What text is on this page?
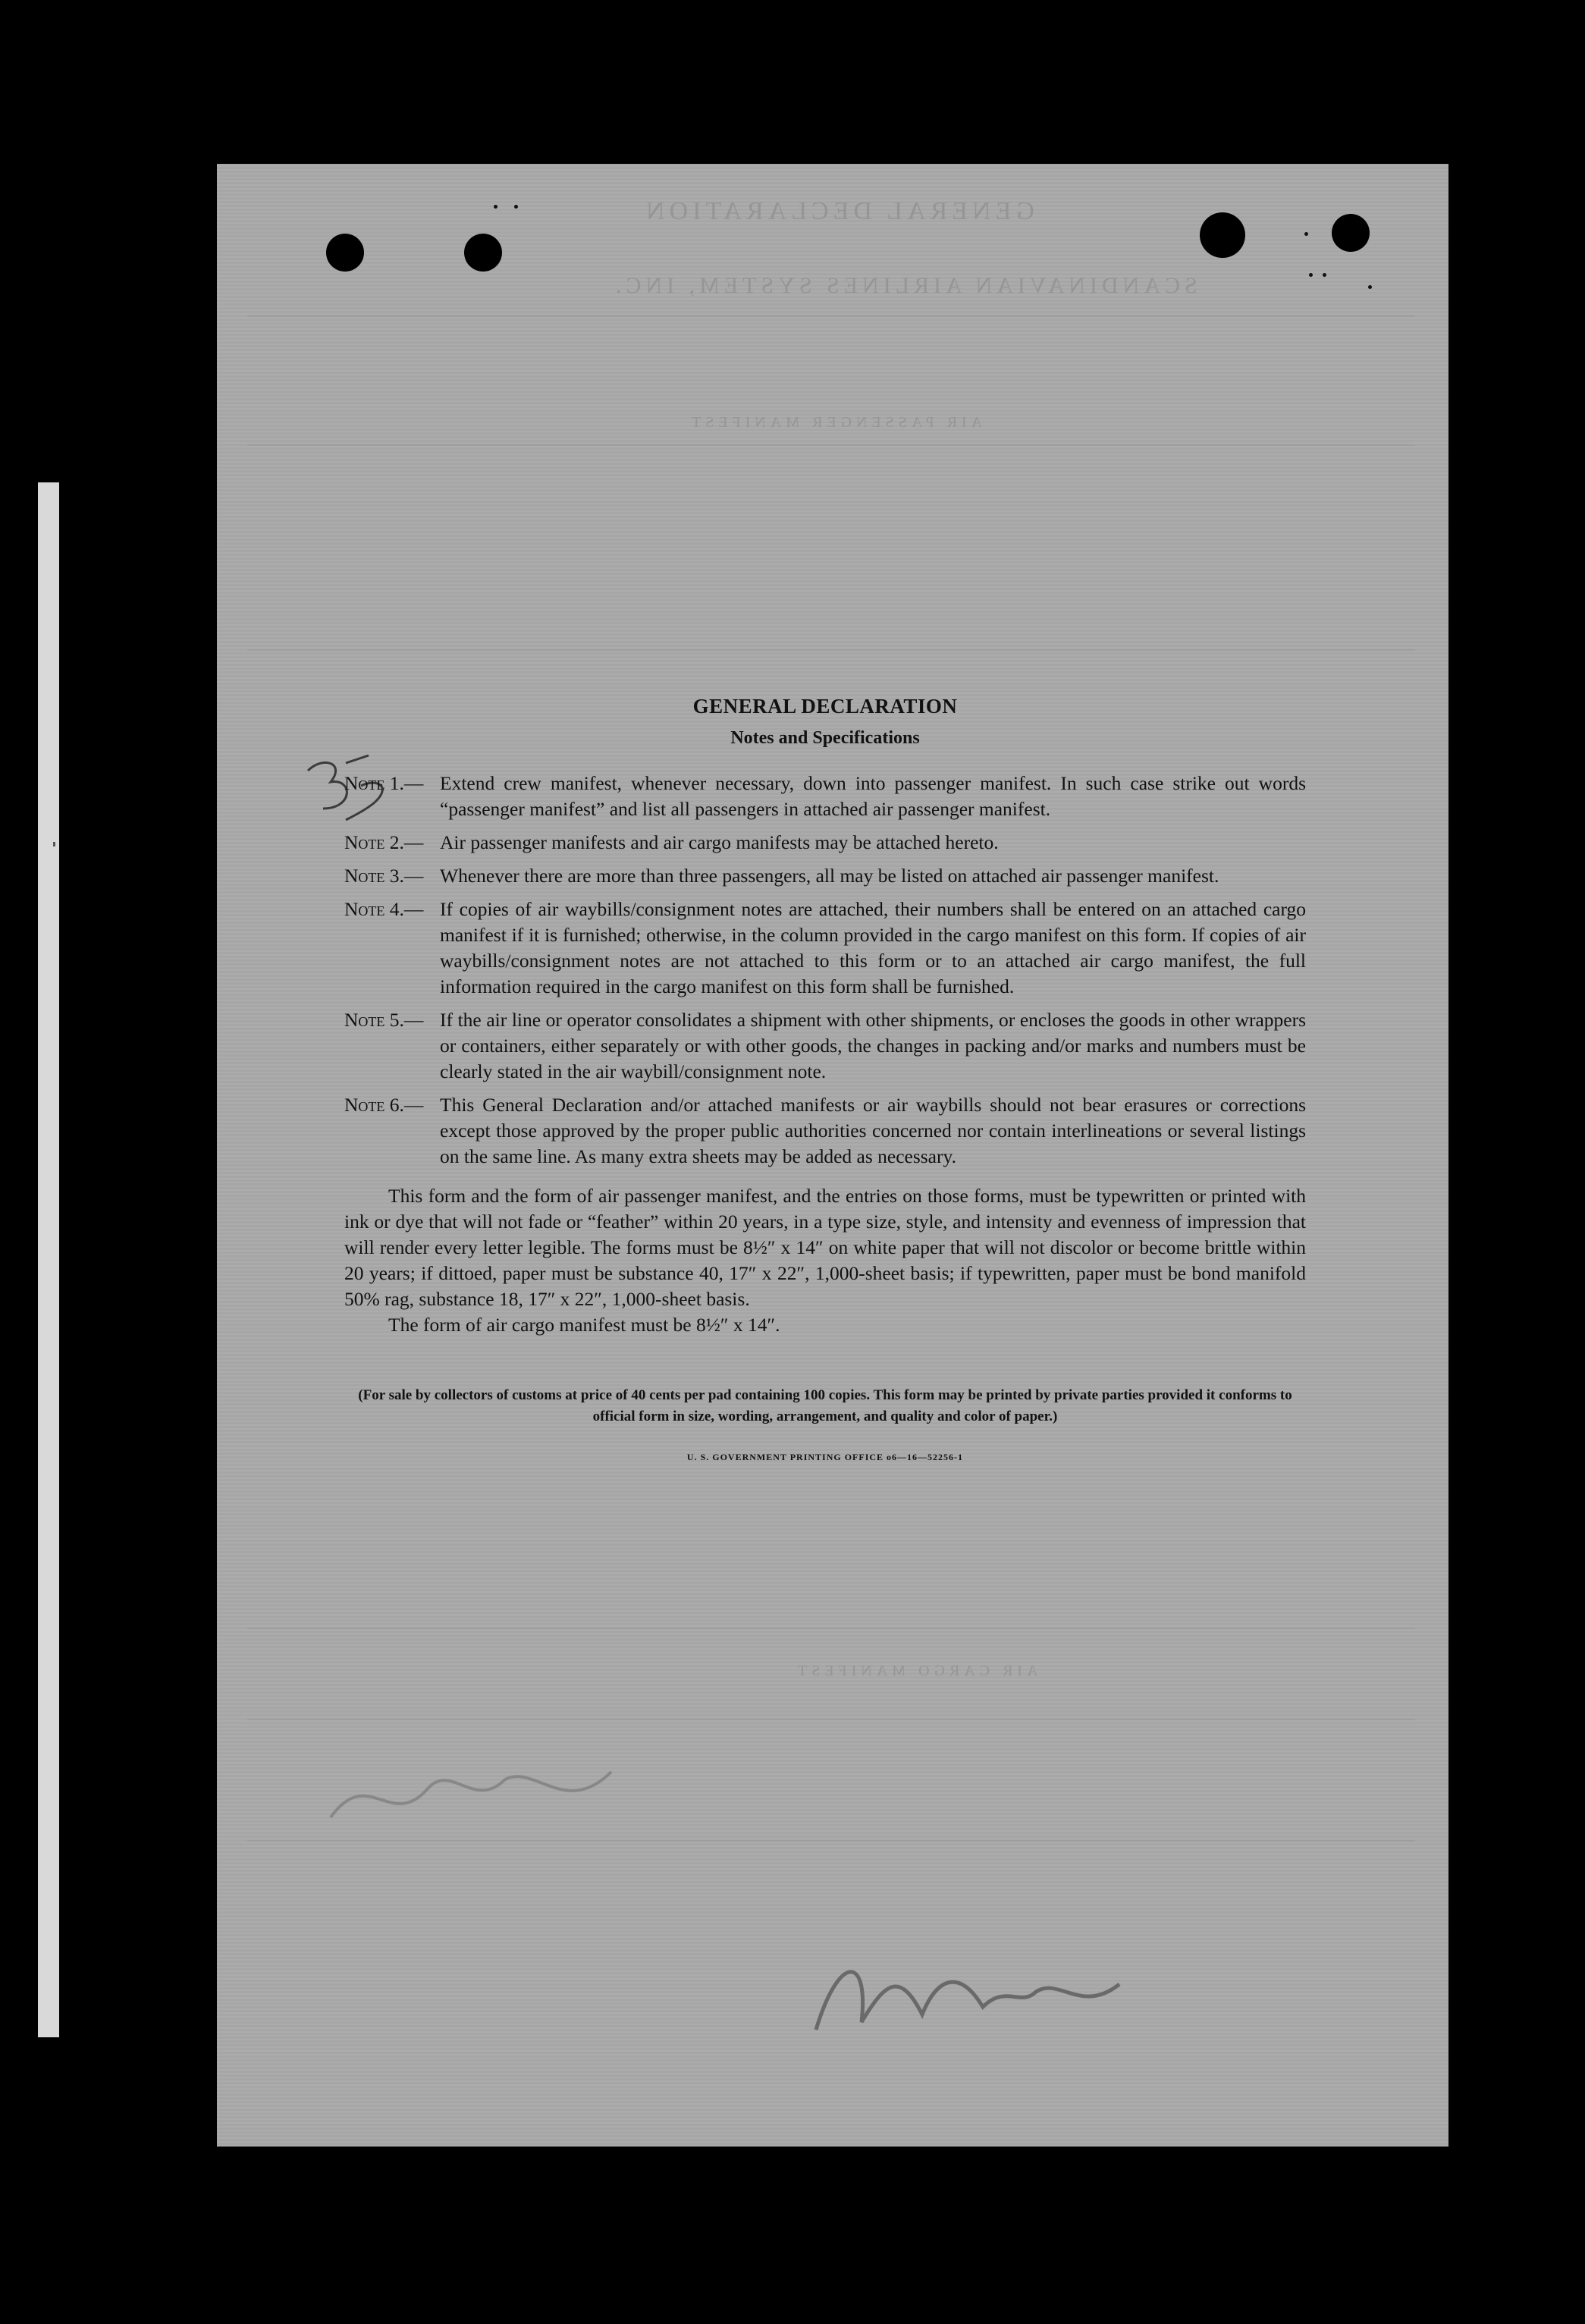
GENERAL DECLARATION
SCANDINAVIAN AIRLINES SYSTEM, INC.
AIR PASSENGER MANIFEST
AIR CARGO MANIFEST
GENERAL DECLARATION
Notes and Specifications
Note 1.— Extend crew manifest, whenever necessary, down into passenger manifest. In such case strike out words “passenger manifest” and list all passengers in attached air passenger manifest.
Note 2.— Air passenger manifests and air cargo manifests may be attached hereto.
Note 3.— Whenever there are more than three passengers, all may be listed on attached air passenger manifest.
Note 4.— If copies of air waybills/consignment notes are attached, their numbers shall be entered on an attached cargo manifest if it is furnished; otherwise, in the column provided in the cargo manifest on this form. If copies of air waybills/consignment notes are not attached to this form or to an attached air cargo manifest, the full information required in the cargo manifest on this form shall be furnished.
Note 5.— If the air line or operator consolidates a shipment with other shipments, or encloses the goods in other wrappers or containers, either separately or with other goods, the changes in packing and/or marks and numbers must be clearly stated in the air waybill/consignment note.
Note 6.— This General Declaration and/or attached manifests or air waybills should not bear erasures or corrections except those approved by the proper public authorities concerned nor contain interlineations or several listings on the same line. As many extra sheets may be added as necessary.
This form and the form of air passenger manifest, and the entries on those forms, must be typewritten or printed with ink or dye that will not fade or “feather” within 20 years, in a type size, style, and intensity and evenness of impression that will render every letter legible. The forms must be 8½″ x 14″ on white paper that will not discolor or become brittle within 20 years; if dittoed, paper must be substance 40, 17″ x 22″, 1,000-sheet basis; if typewritten, paper must be bond manifold 50% rag, substance 18, 17″ x 22″, 1,000-sheet basis.
The form of air cargo manifest must be 8½″ x 14″.
(For sale by collectors of customs at price of 40 cents per pad containing 100 copies. This form may be printed by private parties provided it conforms to official form in size, wording, arrangement, and quality and color of paper.)
U. S. GOVERNMENT PRINTING OFFICE o6—16—52256-1
